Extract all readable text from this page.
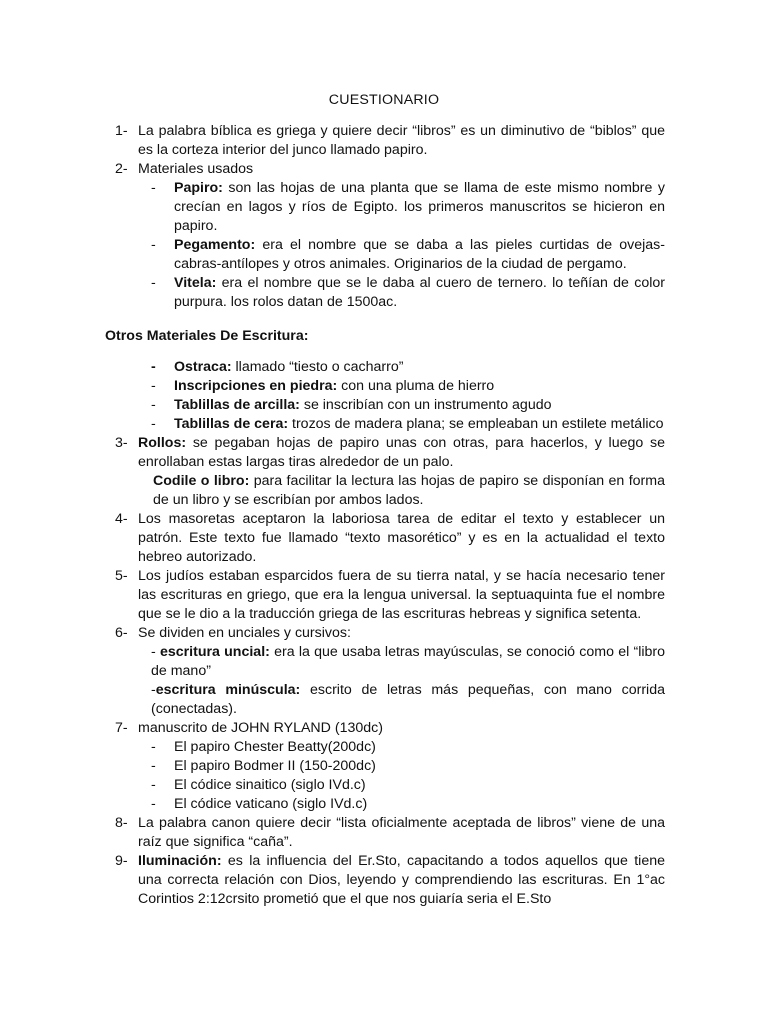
CUESTIONARIO
1- La palabra bíblica es griega y quiere decir “libros” es un diminutivo de “biblos” que es la corteza interior del junco llamado papiro.
2- Materiales usados
- Papiro: son las hojas de una planta que se llama de este mismo nombre y crecían en lagos y ríos de Egipto. los primeros manuscritos se hicieron en papiro.
- Pegamento: era el nombre que se daba a las pieles curtidas de ovejas-cabras-antílopes y otros animales. Originarios de la ciudad de pergamo.
- Vitela: era el nombre que se le daba al cuero de ternero. lo teñían de color purpura. los rolos datan de 1500ac.
Otros Materiales De Escritura:
- Ostraca: llamado “tiesto o cacharro”
- Inscripciones en piedra: con una pluma de hierro
- Tablillas de arcilla: se inscribían con un instrumento agudo
- Tablillas de cera: trozos de madera plana; se empleaban un estilete metálico
3- Rollos: se pegaban hojas de papiro unas con otras, para hacerlos, y luego se enrollaban estas largas tiras alrededor de un palo.
Codile o libro: para facilitar la lectura las hojas de papiro se disponían en forma de un libro y se escribían por ambos lados.
4- Los masoretas aceptaron la laboriosa tarea de editar el texto y establecer un patrón. Este texto fue llamado “texto masorético” y es en la actualidad el texto hebreo autorizado.
5- Los judíos estaban esparcidos fuera de su tierra natal, y se hacía necesario tener las escrituras en griego, que era la lengua universal. la septuaquinta fue el nombre que se le dio a la traducción griega de las escrituras hebreas y significa setenta.
6- Se dividen en unciales y cursivos:
- escritura uncial: era la que usaba letras mayúsculas, se conoció como el “libro de mano”
-escritura minúscula: escrito de letras más pequeñas, con mano corrida (conectadas).
7- manuscrito de JOHN RYLAND (130dc)
- El papiro Chester Beatty(200dc)
- El papiro Bodmer II (150-200dc)
- El códice sinaitico (siglo IVd.c)
- El códice vaticano (siglo IVd.c)
8- La palabra canon quiere decir “lista oficialmente aceptada de libros” viene de una raíz que significa “caña”.
9- Iluminación: es la influencia del Er.Sto, capacitando a todos aquellos que tiene una correcta relación con Dios, leyendo y comprendiendo las escrituras. En 1°ac Corintios 2:12crsito prometió que el que nos guiaría seria el E.Sto
